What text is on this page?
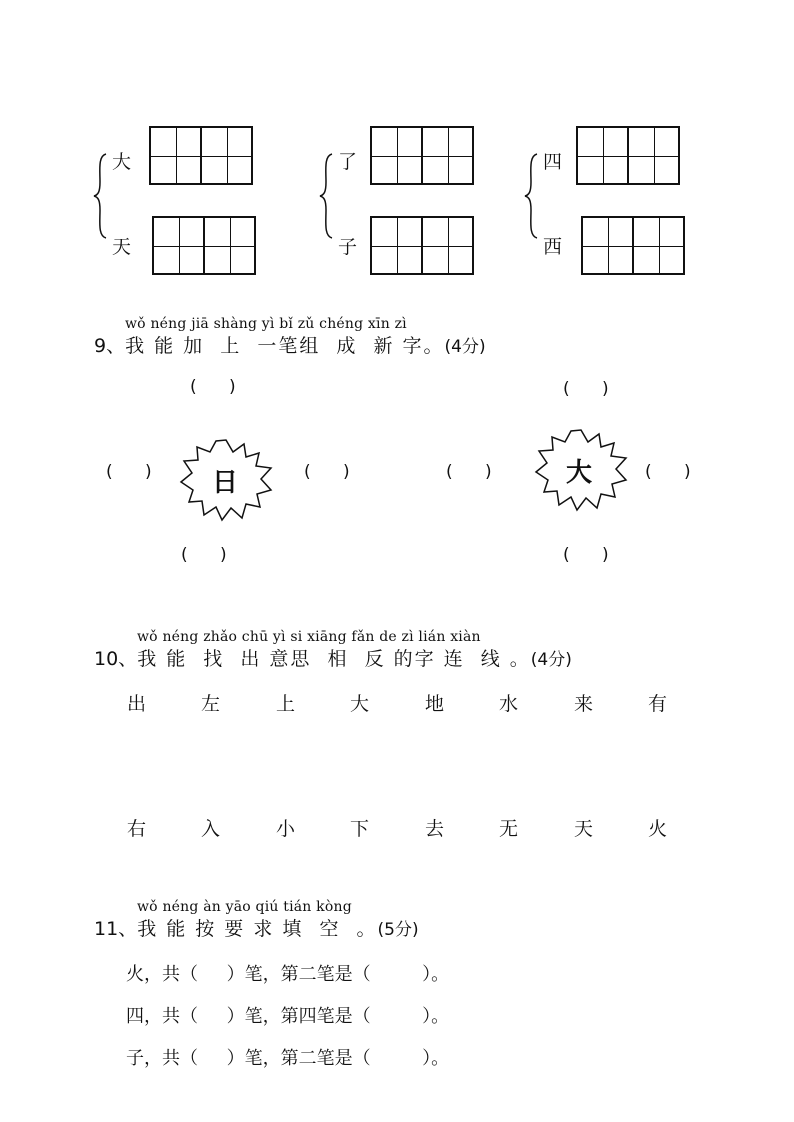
大
天
了
子
四
西
wǒ néng jiā shàng yì bǐ zǔ chéng xīn zì
9、我 能 加  上  一笔组  成  新 字。(4分)
(      )
(      )	(      )
(      )
日
(      )
(      )	(      )
(      )
大
wǒ néng zhǎo chū yì si xiāng fǎn de zì lián xiàn
10、我 能  找  出 意思  相  反 的字 连  线 。(4分)
出	左	上	大	地	水	来	有
右	入	小	下	去	无	天	火
wǒ néng àn yāo qiú tián kòng
11、我 能 按 要 求 填  空  。(5分)
火，共（     ）笔，第二笔是（         ）。
四，共（     ）笔，第四笔是（         ）。
子，共（     ）笔，第二笔是（         ）。
